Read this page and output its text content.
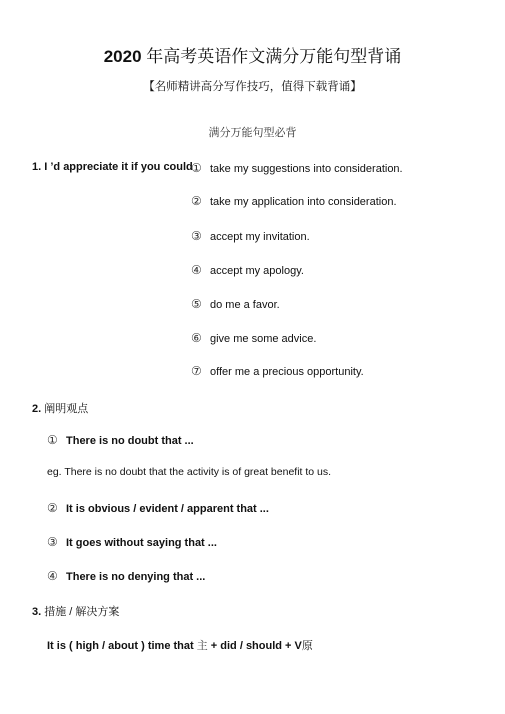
2020 年高考英语作文满分万能句型背诵
【名师精讲高分写作技巧，值得下载背诵】
满分万能句型必背
1. I ’d appreciate it if you could
① take my suggestions into consideration.
② take my application into consideration.
③ accept my invitation.
④ accept my apology.
⑤ do me a favor.
⑥ give me some advice.
⑦ offer me a precious opportunity.
2. 阐明观点
① There is no doubt that ...
eg. There is no doubt that the activity is of great benefit to us.
② It is obvious / evident / apparent that ...
③ It goes without saying that ...
④ There is no denying that ...
3. 措施 / 解决方案
It is ( high / about ) time that 主 + did / should + V原
